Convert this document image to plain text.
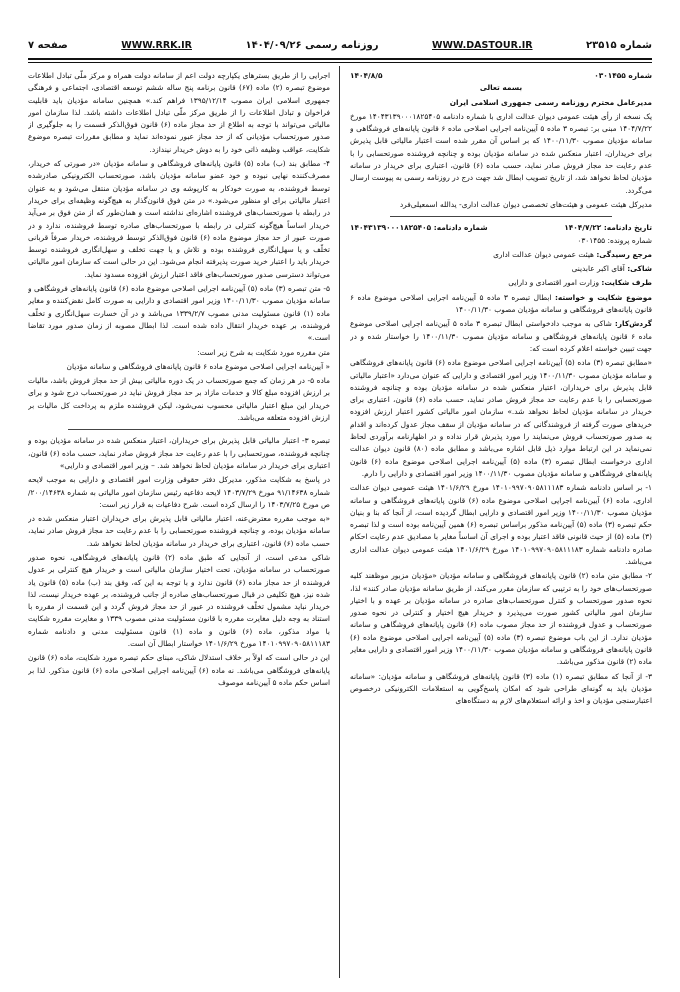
شماره ۲۳۵۱۵
WWW.DASTOUR.IR
روزنامه رسمی ۱۴۰۴/۰۹/۲۶
WWW.RRK.IR
صفحه ۷
شماره ۰۳۰۱۴۵۵
۱۴۰۴/۸/۵

بسمه تعالی

مدیرعامل محترم روزنامه رسمی جمهوری اسلامی ایران

یک نسخه از رأی هیئت عمومی دیوان عدالت اداری با شماره دادنامه ۱۴۰۴۳۱۳۹۰۰۰۱۸۲۵۴۰۵ مورخ ۱۴۰۴/۷/۲۲ مبنی بر: تبصره ۳ ماده ۵ آیین‌نامه اجرایی اصلاحی ماده ۶ قانون پایانه‌های فروشگاهی و سامانه مؤدیان مصوب ۱۴۰۰/۱۱/۳۰ که بر اساس آن مقرر شده است اعتبار مالیاتی قابل پذیرش برای خریداران، اعتبار منعکس شده در سامانه مؤدیان بوده و چنانچه فروشنده صورتحسابی را با عدم رعایت حد مجاز فروش صادر نماید، حسب ماده (۶) قانون، اعتباری برای خریدار در سامانه مؤدیان لحاظ نخواهد شد، از تاریخ تصویب ابطال شد جهت درج در روزنامه رسمی به پیوست ارسال می‌گردد.

مدیرکل هیئت عمومی و هیئت‌های تخصصی دیوان عدالت اداری- یدالله اسمعیلی‌فرد

تاریخ دادنامه: ۱۴۰۴/۷/۲۲
شماره دادنامه: ۱۴۰۴۳۱۳۹۰۰۰۱۸۲۵۴۰۵

شماره پرونده: ۰۳۰۱۴۵۵

مرجع رسیدگی: هیئت عمومی دیوان عدالت اداری

شاکی: آقای اکبر عابدینی

طرف شکایت: وزارت امور اقتصادی و دارایی

موضوع شکایت و خواسته: ابطال تبصره ۳ ماده ۵ آیین‌نامه اجرایی اصلاحی موضوع ماده ۶ قانون پایانه‌های فروشگاهی و سامانه مؤدیان مصوب ۱۴۰۰/۱۱/۳۰

گردش‌کار: شاکی به موجب دادخواستی ابطال تبصره ۳ ماده ۵ آیین‌نامه اجرایی اصلاحی موضوع ماده ۶ قانون پایانه‌های فروشگاهی و سامانه مؤدیان مصوب ۱۴۰۰/۱۱/۳۰ را خواستار شده و در جهت تبیین خواسته اعلام کرده است که:

«مطابق تبصره (۳) ماده (۵) آیین‌نامه اجرایی اصلاحی موضوع ماده (۶) قانون پایانه‌های فروشگاهی و سامانه مؤدیان مصوب ۱۴۰۰/۱۱/۳۰ وزیر امور اقتصادی و دارایی که عنوان می‌دارد «اعتبار مالیاتی قابل پذیرش برای خریداران، اعتبار منعکس شده در سامانه مؤدیان بوده و چنانچه فروشنده صورتحسابی را با عدم رعایت حد مجاز فروش صادر نماید، حسب ماده (۶) قانون، اعتباری برای خریدار در سامانه مؤدیان لحاظ نخواهد شد.» سازمان امور مالیاتی کشور اعتبار ارزش افزوده خریدهای صورت گرفته از فروشندگانی که در سامانه مؤدیان از سقف مجاز عدول کرده‌اند و اقدام به صدور صورتحساب فروش می‌نمایند را مورد پذیرش قرار نداده و در اظهارنامه برآوردی لحاظ نمی‌نماید در این ارتباط موارد ذیل قابل اشاره می‌باشد و مطابق ماده (۸۰) قانون دیوان عدالت اداری درخواست ابطال تبصره (۳) ماده (۵) آیین‌نامه اجرایی اصلاحی موضوع ماده (۶) قانون پایانه‌های فروشگاهی و سامانه مؤدیان مصوب ۱۴۰۰/۱۱/۳۰ وزیر امور اقتصادی و دارایی را دارم.

۱- بر اساس دادنامه شماره ۱۴۰۱۰۹۹۷۰۹۰۵۸۱۱۱۸۳ مورخ ۱۴۰۱/۶/۲۹ هیئت عمومی دیوان عدالت اداری، ماده (۶) آیین‌نامه اجرایی اصلاحی موضوع ماده (۶) قانون پایانه‌های فروشگاهی و سامانه مؤدیان مصوب ۱۴۰۰/۱۱/۳۰ وزیر امور اقتصادی و دارایی ابطال گردیده است، از آنجا که بنا و بنیان حکم تبصره (۳) ماده (۵) آیین‌نامه مذکور براساس تبصره (۶) همین آیین‌نامه بوده است و لذا تبصره (۳) ماده (۵) از حیث قانونی فاقد اعتبار بوده و اجرای آن اساساً مغایر با مصادیق عدم رعایت احکام صادره دادنامه شماره ۱۴۰۱۰۹۹۷۰۹۰۵۸۱۱۱۸۳ مورخ ۱۴۰۱/۶/۲۹ هیئت عمومی دیوان عدالت اداری می‌باشد.

۲- مطابق متن ماده (۲) قانون پایانه‌های فروشگاهی و سامانه مؤدیان «مؤدیان مزبور موظفند کلیه صورتحساب‌های خود را به ترتیبی که سازمان مقرر می‌کند، از طریق سامانه مؤدیان صادر کنند» لذا، نحوه صدور صورتحساب و کنترل صورتحساب‌های صادره در سامانه مؤدیان بر عهده و با اختیار سازمان امور مالیاتی کشور صورت می‌پذیرد و خریدار هیچ اختیار و کنترلی در نحوه صدور صورتحساب و عدول فروشنده از حد مجاز مصوب ماده (۶) قانون پایانه‌های فروشگاهی و سامانه مؤدیان ندارد. از این باب موضوع تبصره (۳) ماده (۵) آیین‌نامه اجرایی اصلاحی موضوع ماده (۶) قانون پایانه‌های فروشگاهی و سامانه مؤدیان مصوب ۱۴۰۰/۱۱/۳۰ وزیر امور اقتصادی و دارایی مغایر ماده (۲) قانون مذکور می‌باشد.

۳- از آنجا که مطابق تبصره (۱) ماده (۳) قانون پایانه‌های فروشگاهی و سامانه مؤدیان: «سامانه مؤدیان باید به گونه‌ای طراحی شود که امکان پاسخ‌گویی به استعلامات الکترونیکی درخصوص اعتبارسنجی مؤدیان و اخذ و ارائه استعلام‌های لازم به دستگاه‌های

اجرایی را از طریق بسترهای یکپارچه دولت اعم از سامانه دولت همراه و مرکز ملّی تبادل اطلاعات موضوع تبصره (۲) ماده (۶۷) قانون برنامه پنج ساله ششم توسعه اقتصادی، اجتماعی و فرهنگی جمهوری اسلامی ایران مصوب ۱۳۹۵/۱۲/۱۴ فراهم کند.» همچنین سامانه مؤدیان باید قابلیت فراخوان و تبادل اطلاعات را از طریق مرکز ملّی تبادل اطلاعات داشته باشد. لذا سازمان امور مالیاتی می‌تواند با توجه به اطلاع از حد مجاز ماده (۶) قانون فوق‌الذکر قسمت را به جلوگیری از صدور صورتحساب مؤدیانی که از حد مجاز عبور نموده‌اند نماید و مطابق مقررات تبصره موضوع شکایت، عواقب وظیفه ذاتی خود را به دوش خریدار نیندازد.

۴- مطابق بند (ب) ماده (۵) قانون پایانه‌های فروشگاهی و سامانه مؤدیان «در صورتی که خریدار، مصرف‌کننده نهایی نبوده و خود عضو سامانه مؤدیان باشد، صورتحساب الکترونیکی صادرشده توسط فروشنده، به صورت خودکار به کارپوشه وی در سامانه مؤدیان منتقل می‌شود و به عنوان اعتبار مالیاتی برای او منظور می‌شود.» در متن فوق قانون‌گذار به هیچ‌گونه وظیفه‌ای برای خریدار در رابطه با صورتحساب‌های فروشنده اشاره‌ای نداشته است و همان‌طور که از متن فوق بر می‌آید خریدار اساساً هیچ‌گونه کنترلی در رابطه با صورتحساب‌های صادره توسط فروشنده، ندارد و در صورت عبور از حد مجاز موضوع ماده (۶) قانون فوق‌الذکر توسط فروشنده، خریدار صرفاً قربانی تخلّف و یا سهل‌انگاری فروشنده بوده و تلاش و یا جهت تخلف و سهل‌انگاری فروشنده توسط خریدار باید را اعتبار خرید صورت پذیرفته انجام می‌شود. این در حالی است که سازمان امور مالیاتی می‌تواند دسترسی صدور صورتحساب‌های فاقد اعتبار ارزش افزوده مسدود نماید.

۵- متن تبصره (۳) ماده (۵) آیین‌نامه اجرایی اصلاحی موضوع ماده (۶) قانون پایانه‌های فروشگاهی و سامانه مؤدیان مصوب ۱۴۰۰/۱۱/۳۰ وزیر امور اقتصادی و دارایی به صورت کامل نقض‌کننده و مغایر ماده (۱) قانون مسئولیت مدنی مصوب ۱۳۳۹/۲/۷ می‌باشد و در آن خسارت سهل‌انگاری و تخلّف فروشنده، بر عهده خریدار انتقال داده شده است. لذا ابطال مصوبه از زمان صدور مورد تقاضا است.»

متن مقرره مورد شکایت به شرح زیر است:

« آیین‌نامه اجرایی اصلاحی موضوع ماده ۶ قانون پایانه‌های فروشگاهی و سامانه مؤدیان

ماده ۵- در هر زمان که جمع صورتحساب در یک دوره مالیاتی بیش از حد مجاز فروش باشد، مالیات بر ارزش افزوده مبلغ کالا و خدمات مازاد بر حد مجاز فروش نباید در صورتحساب درج شود و برای خریدار این مبلغ اعتبار مالیاتی محسوب نمی‌شود، لیکن فروشنده ملزم به پرداخت کل مالیات بر ارزش افزوده متعلقه می‌باشد.

تبصره ۳- اعتبار مالیاتی قابل پذیرش برای خریداران، اعتبار منعکس شده در سامانه مؤدیان بوده و چنانچه فروشنده، صورتحسابی را با عدم رعایت حد مجاز فروش صادر نماید، حسب ماده (۶) قانون، اعتباری برای خریدار در سامانه مؤدیان لحاظ نخواهد شد. – وزیر امور اقتصادی و دارایی»

در پاسخ به شکایت مذکور، مدیرکل دفتر حقوقی وزارت امور اقتصادی و دارایی به موجب لایحه شماره ۹۱/۱۴۶۳۸ مورخ ۱۴۰۳/۷/۲۹ لایحه دفاعیه رئیس سازمان امور مالیاتی به شماره ۲۰۰/۱۴۶۳۸/ص مورخ ۱۴۰۳/۷/۲۵ را ارسال کرده است. شرح دفاعیات به قرار زیر است:

«به موجب مقرره معترض‌عنه، اعتبار مالیاتی قابل پذیرش برای خریداران اعتبار منعکس شده در سامانه مؤدیان بوده، و چنانچه فروشنده صورتحسابی را با عدم رعایت حد مجاز فروش صادر نماید، حسب ماده (۶) قانون، اعتباری برای خریدار در سامانه مؤدیان لحاظ نخواهد شد.

شاکی مدعی است، از آنجایی که طبق ماده (۲) قانون پایانه‌های فروشگاهی، نحوه صدور صورتحساب در سامانه مؤدیان، تحت اختیار سازمان مالیاتی است و خریدار هیچ کنترلی بر عدول فروشنده از حد مجاز ماده (۶) قانون ندارد و با توجه به این که، وفق بند (ب) ماده (۵) قانون یاد شده نیز، هیچ تکلیفی در قبال صورتحساب‌های صادره از جانب فروشنده، بر عهده خریدار نیست، لذا خریدار نباید مشمول تخلّف فروشنده در عبور از حد مجاز فروش گردد و این قسمت از مقرره با استناد به وجه دلیل مغایرت مقرره با قانون مسئولیت مدنی مصوب ۱۳۳۹ و مغایرت مقرره شکایت با مواد مذکور، ماده (۶) قانون و ماده (۱) قانون مسئولیت مدنی و دادنامه شماره ۱۴۰۱۰۹۹۷۰۹۰۵۸۱۱۱۸۳ مورخ ۱۴۰۱/۶/۲۹ خواستار ابطال آن است.

این در حالی است که اولاً بر خلاف استدلال شاکی، مبنای حکم تبصره مورد شکایت، ماده (۶) قانون پایانه‌های فروشگاهی می‌باشد. نه ماده (۶) آیین‌نامه اجرایی اصلاحی ماده (۶) قانون مذکور. لذا بر اساس حکم ماده ۵ آیین‌نامه موصوف
